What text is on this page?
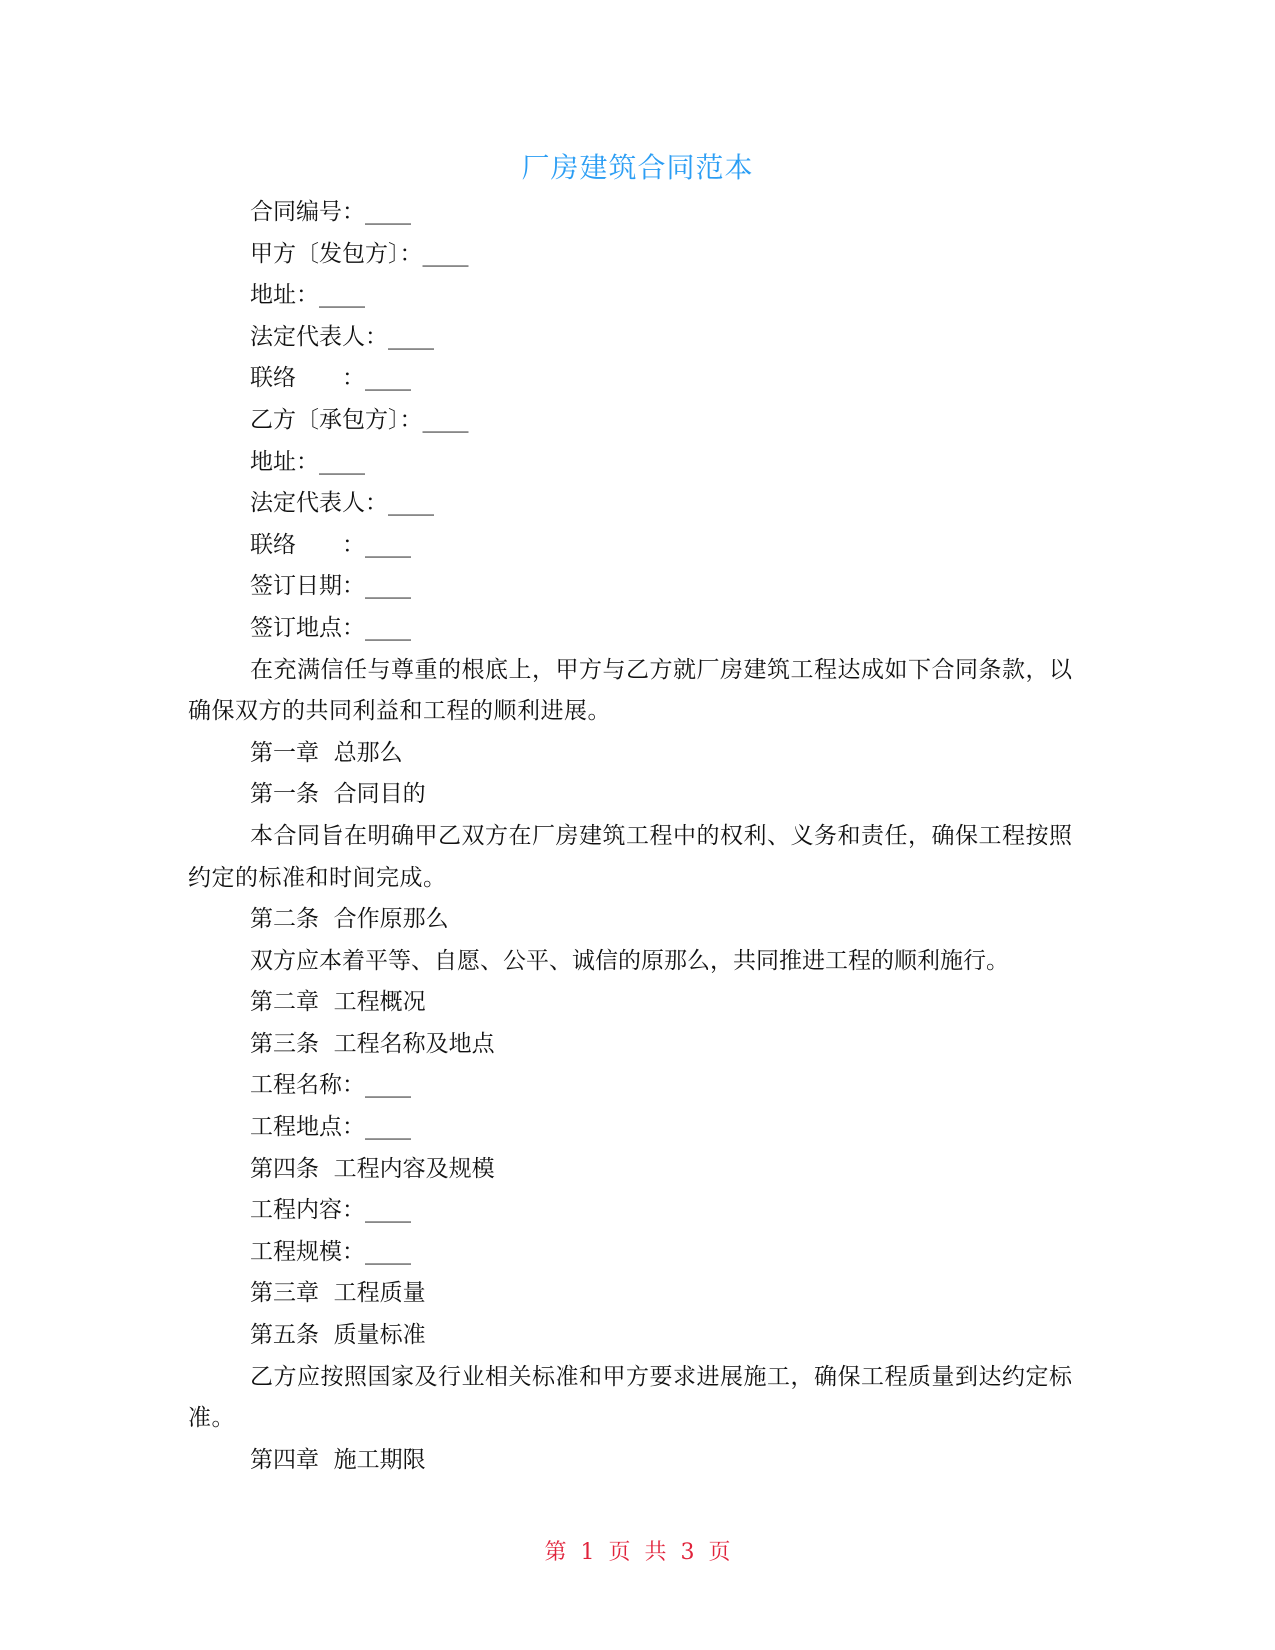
厂房建筑合同范本

合同编号：____

甲方〔发包方〕：____

地址：____

法定代表人：____

联络　　：____

乙方〔承包方〕：____

地址：____

法定代表人：____

联络　　：____

签订日期：____

签订地点：____

在充满信任与尊重的根底上，甲方与乙方就厂房建筑工程达成如下合同条款，以确保双方的共同利益和工程的顺利进展。

第一章  总那么

第一条  合同目的

本合同旨在明确甲乙双方在厂房建筑工程中的权利、义务和责任，确保工程按照约定的标准和时间完成。

第二条  合作原那么

双方应本着平等、自愿、公平、诚信的原那么，共同推进工程的顺利施行。

第二章  工程概况

第三条  工程名称及地点

工程名称：____

工程地点：____

第四条  工程内容及规模

工程内容：____

工程规模：____

第三章  工程质量

第五条  质量标准

乙方应按照国家及行业相关标准和甲方要求进展施工，确保工程质量到达约定标准。

第四章  施工期限

第  1  页  共  3  页
